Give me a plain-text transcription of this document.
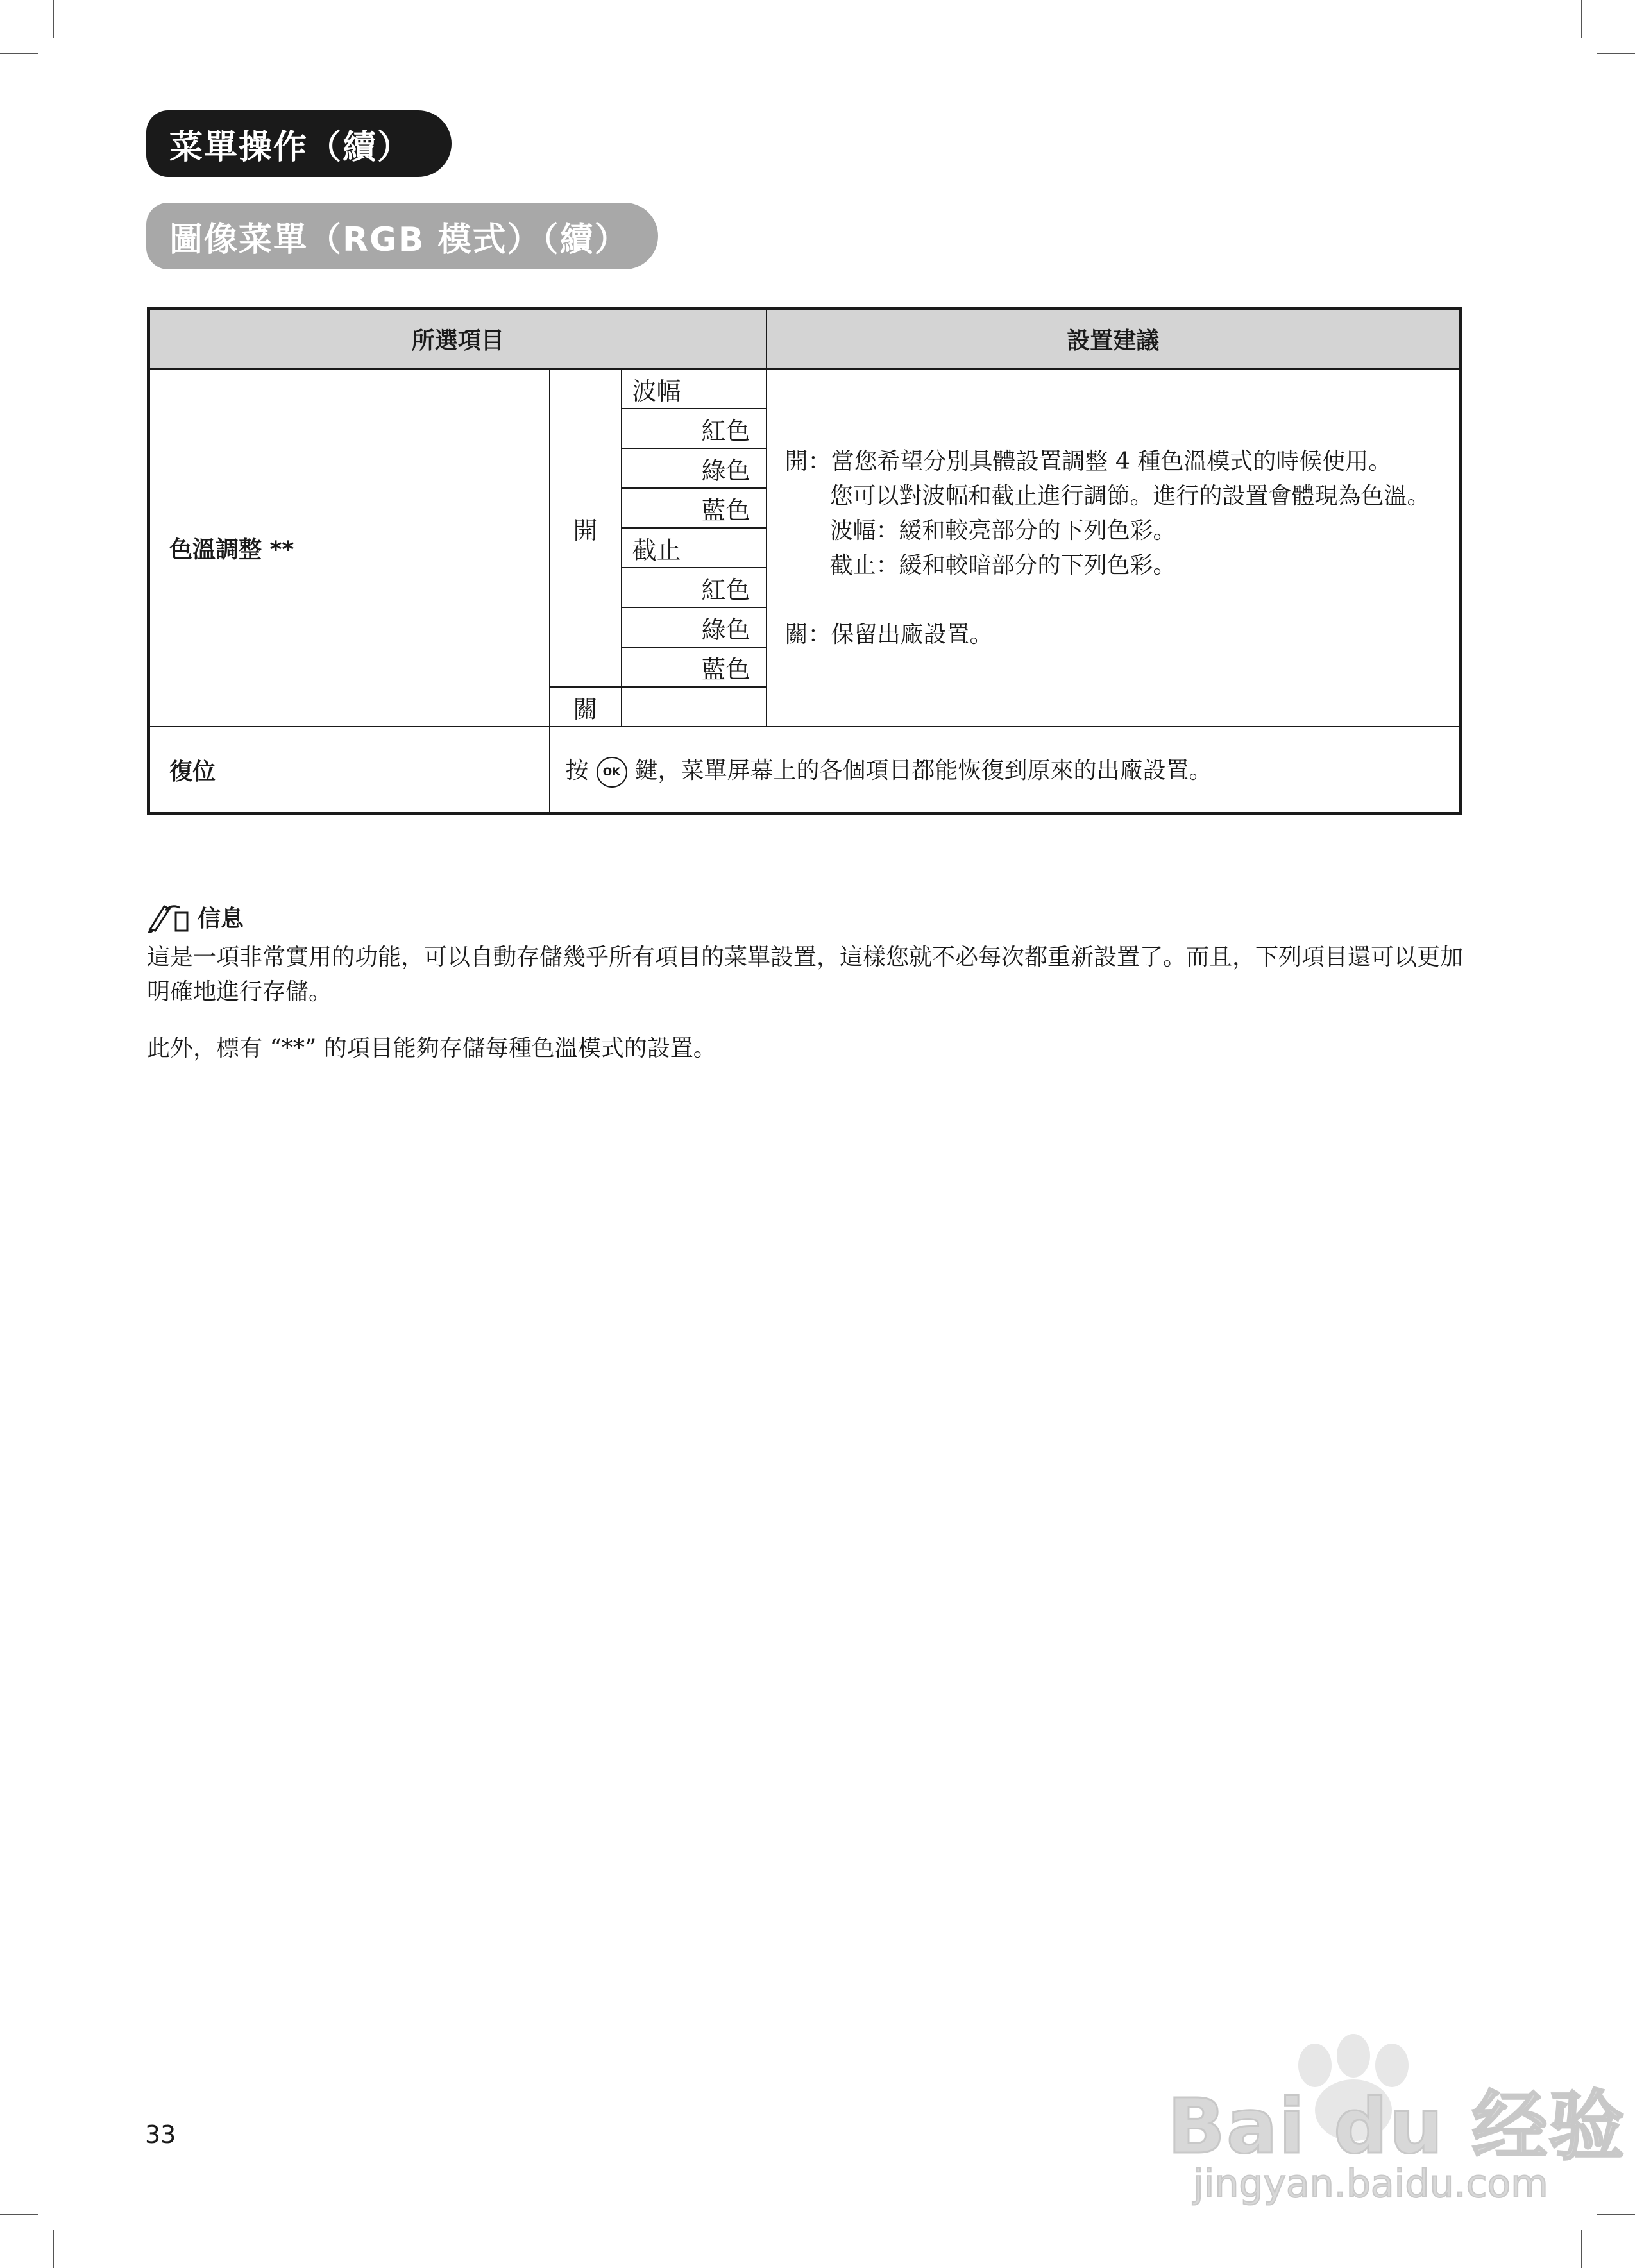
菜單操作（續）
圖像菜單（RGB 模式）（續）
所選項目			設置建議
色溫調整 **	開	波幅	開：當您希望分別具體設置調整 4 種色溫模式的時候使用。
您可以對波幅和截止進行調節。進行的設置會體現為色溫。
波幅：緩和較亮部分的下列色彩。
截止：緩和較暗部分的下列色彩。
關：保留出廠設置。

		紅色	
		綠色	
		藍色	
		截止	
		紅色	
		綠色	
		藍色	
	關		
復位	按 OK 鍵，菜單屏幕上的各個項目都能恢復到原來的出廠設置。		
信息
這是一項非常實用的功能，可以自動存儲幾乎所有項目的菜單設置，這樣您就不必每次都重新設置了。而且，下列項目還可以更加明確地進行存儲。
此外，標有 “**” 的項目能夠存儲每種色溫模式的設置。
33	Bai du 经验
jingyan.baidu.com
